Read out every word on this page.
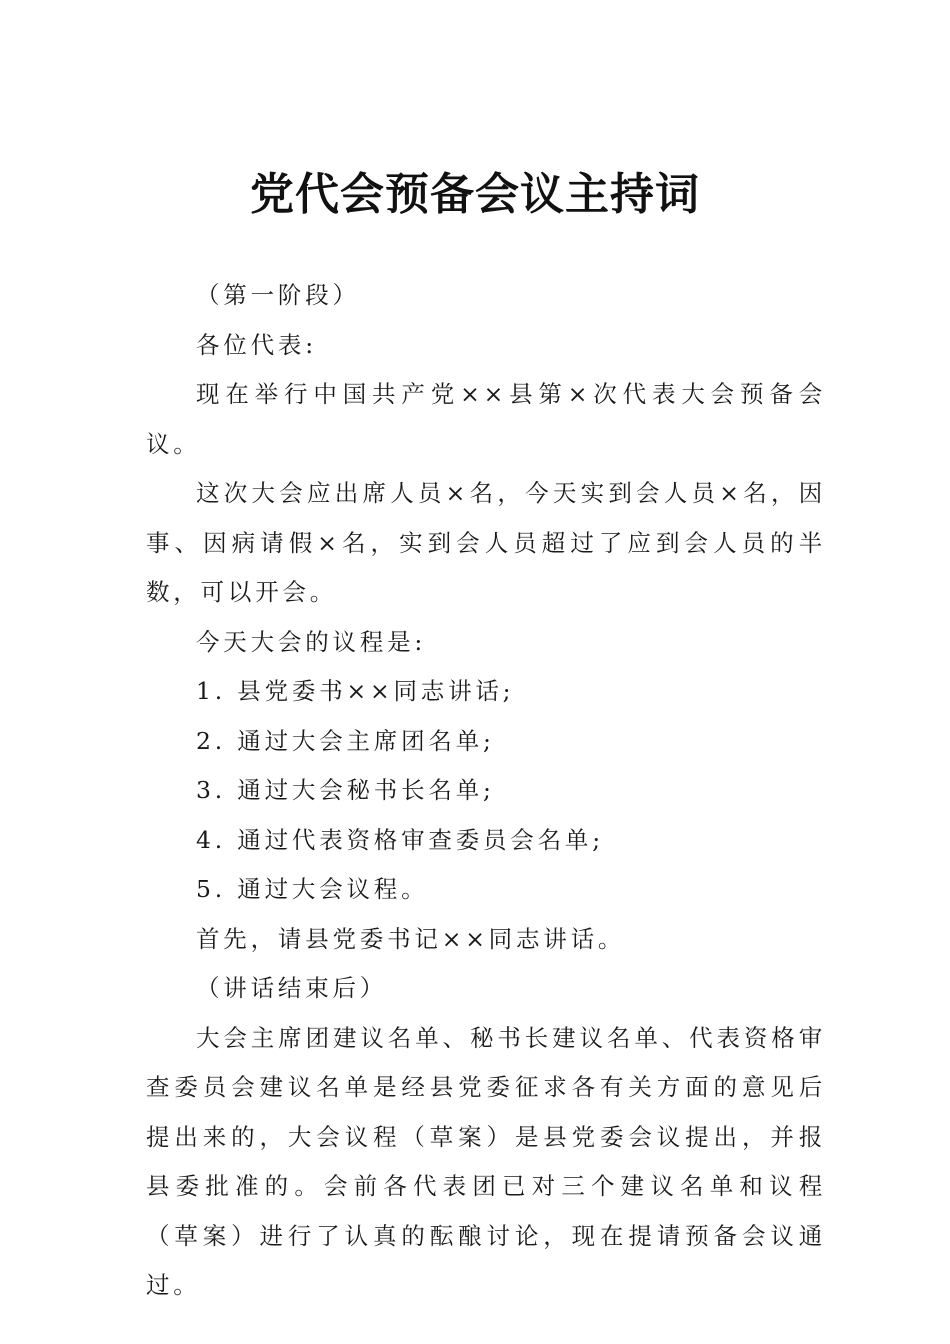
党代会预备会议主持词

（第一阶段）

各位代表:

现在举行中国共产党××县第×次代表大会预备会议。

这次大会应出席人员×名，今天实到会人员×名，因事、因病请假×名，实到会人员超过了应到会人员的半数，可以开会。

今天大会的议程是:

1. 县党委书××同志讲话;

2. 通过大会主席团名单;

3. 通过大会秘书长名单;

4. 通过代表资格审查委员会名单;

5. 通过大会议程。

首先，请县党委书记××同志讲话。

（讲话结束后）

大会主席团建议名单、秘书长建议名单、代表资格审查委员会建议名单是经县党委征求各有关方面的意见后提出来的，大会议程（草案）是县党委会议提出，并报县委批准的。会前各代表团已对三个建议名单和议程（草案）进行了认真的酝酿讨论，现在提请预备会议通过。
